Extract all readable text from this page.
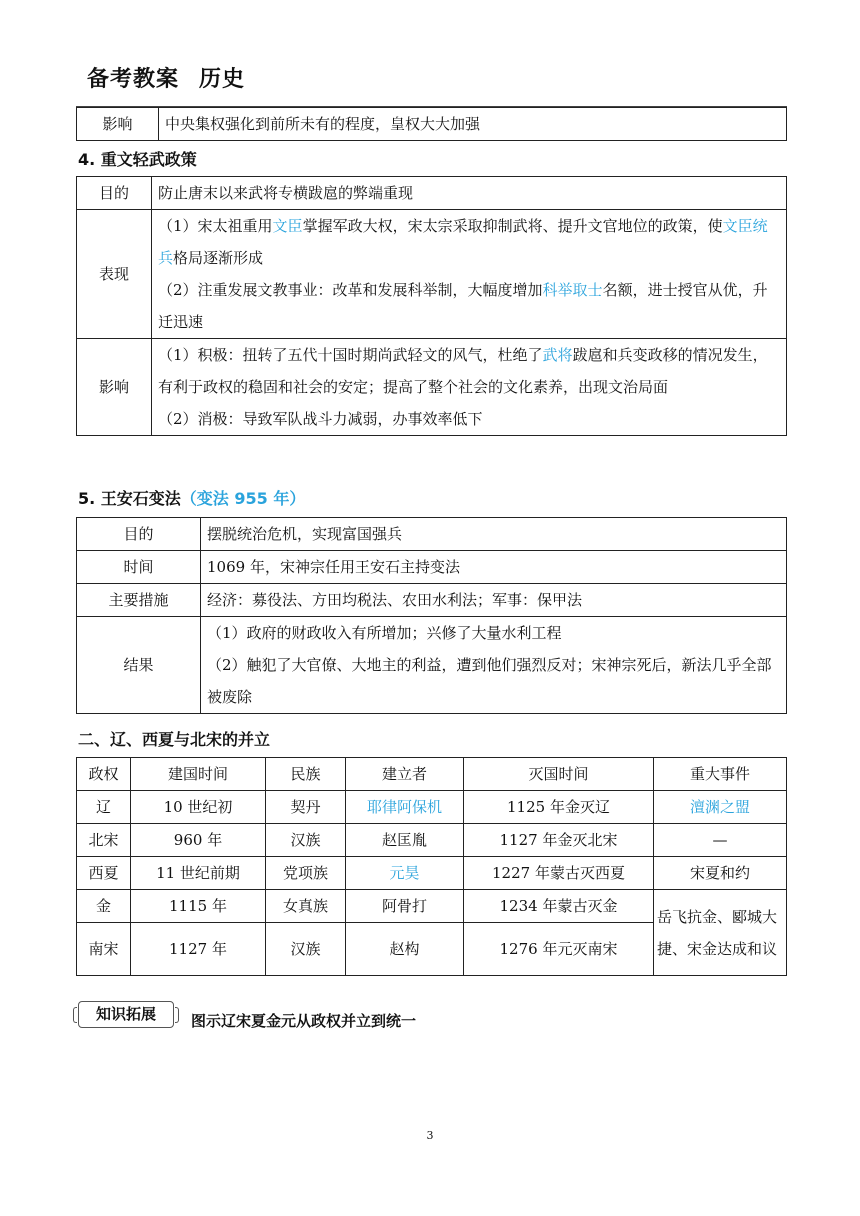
备考教案 历史
影响	中央集权强化到前所未有的程度，皇权大大加强
4. 重文轻武政策
目的	防止唐末以来武将专横跋扈的弊端重现
表现	（1）宋太祖重用文臣掌握军政大权，宋太宗采取抑制武将、提升文官地位的政策，使文臣统兵格局逐渐形成
（2）注重发展文教事业：改革和发展科举制，大幅度增加科举取士名额，进士授官从优，升迁迅速

影响	（1）积极：扭转了五代十国时期尚武轻文的风气，杜绝了武将跋扈和兵变政移的情况发生，有利于政权的稳固和社会的安定；提高了整个社会的文化素养，出现文治局面
（2）消极：导致军队战斗力减弱，办事效率低下
5. 王安石变法（变法 955 年）
目的	摆脱统治危机，实现富国强兵
时间	1069 年，宋神宗任用王安石主持变法
主要措施	经济：募役法、方田均税法、农田水利法；军事：保甲法
结果	（1）政府的财政收入有所增加；兴修了大量水利工程
（2）触犯了大官僚、大地主的利益，遭到他们强烈反对；宋神宗死后，新法几乎全部被废除
二、辽、西夏与北宋的并立
政权	建国时间	民族	建立者	灭国时间	重大事件
辽	10 世纪初	契丹	耶律阿保机	1125 年金灭辽	澶渊之盟
北宋	960 年	汉族	赵匡胤	1127 年金灭北宋	—
西夏	11 世纪前期	党项族	元昊	1227 年蒙古灭西夏	宋夏和约
金	1115 年	女真族	阿骨打	1234 年蒙古灭金	岳飞抗金、郾城大捷、宋金达成和议
南宋	1127 年	汉族	赵构	1276 年元灭南宋	
知识拓展	图示辽宋夏金元从政权并立到统一
3
